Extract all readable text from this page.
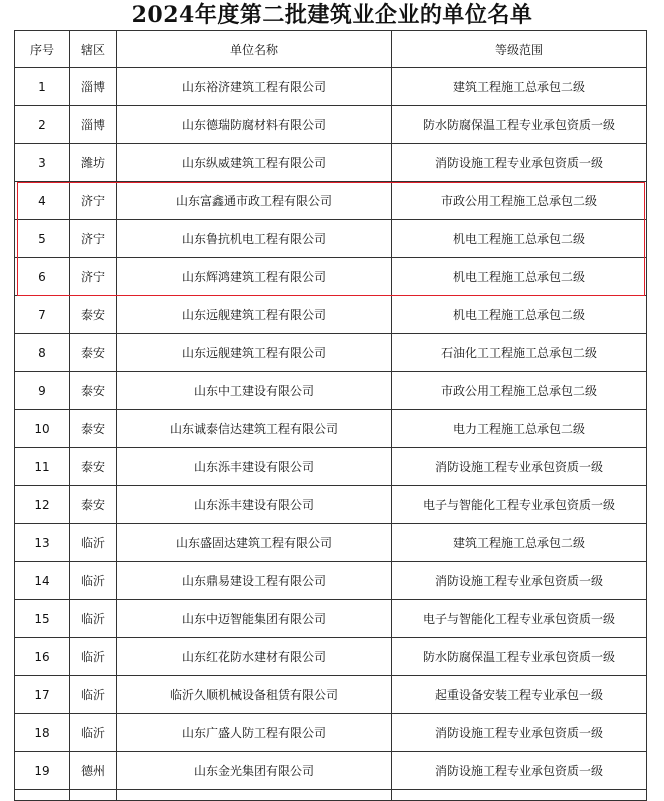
2024年度第二批建筑业企业的单位名单
序号	辖区	单位名称	等级范围
1	淄博	山东裕济建筑工程有限公司	建筑工程施工总承包二级
2	淄博	山东德瑞防腐材料有限公司	防水防腐保温工程专业承包资质一级
3	潍坊	山东纵威建筑工程有限公司	消防设施工程专业承包资质一级
4	济宁	山东富鑫通市政工程有限公司	市政公用工程施工总承包二级
5	济宁	山东鲁抗机电工程有限公司	机电工程施工总承包二级
6	济宁	山东辉鸿建筑工程有限公司	机电工程施工总承包二级
7	泰安	山东远舰建筑工程有限公司	机电工程施工总承包二级
8	泰安	山东远舰建筑工程有限公司	石油化工工程施工总承包二级
9	泰安	山东中工建设有限公司	市政公用工程施工总承包二级
10	泰安	山东诚泰信达建筑工程有限公司	电力工程施工总承包二级
11	泰安	山东泺丰建设有限公司	消防设施工程专业承包资质一级
12	泰安	山东泺丰建设有限公司	电子与智能化工程专业承包资质一级
13	临沂	山东盛固达建筑工程有限公司	建筑工程施工总承包二级
14	临沂	山东鼎易建设工程有限公司	消防设施工程专业承包资质一级
15	临沂	山东中迈智能集团有限公司	电子与智能化工程专业承包资质一级
16	临沂	山东红花防水建材有限公司	防水防腐保温工程专业承包资质一级
17	临沂	临沂久顺机械设备租赁有限公司	起重设备安装工程专业承包一级
18	临沂	山东广盛人防工程有限公司	消防设施工程专业承包资质一级
19	德州	山东金光集团有限公司	消防设施工程专业承包资质一级
